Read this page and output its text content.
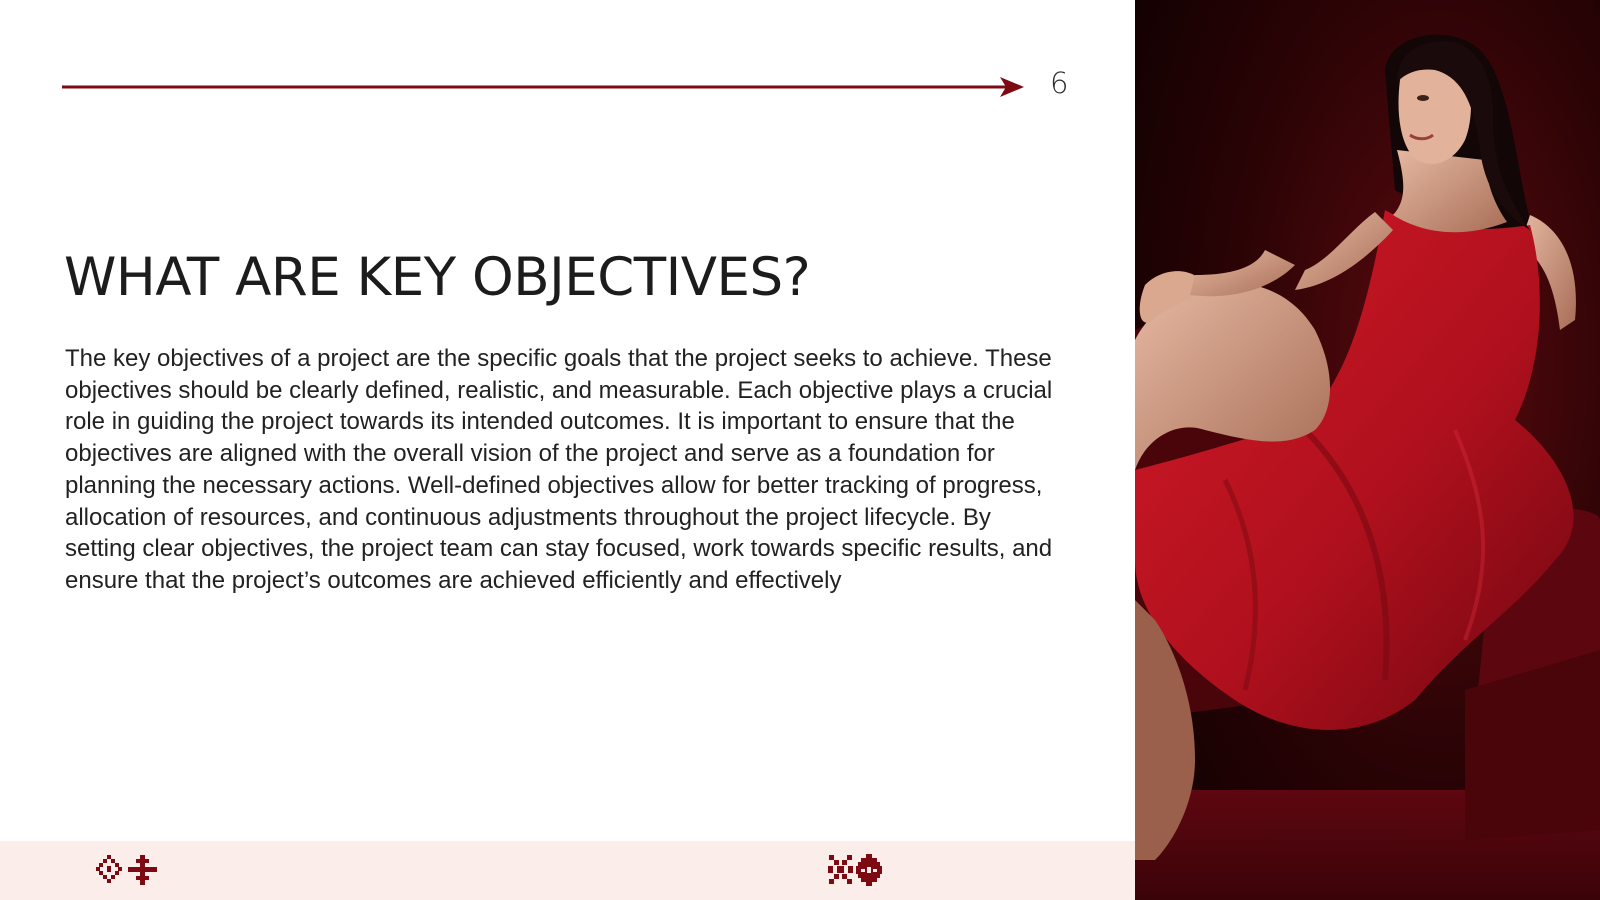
6
WHAT ARE KEY OBJECTIVES?

The key objectives of a project are the specific goals that the project seeks to achieve. These objectives should be clearly defined, realistic, and measurable. Each objective plays a crucial role in guiding the project towards its intended outcomes. It is important to ensure that the objectives are aligned with the overall vision of the project and serve as a foundation for planning the necessary actions. Well-defined objectives allow for better tracking of progress, allocation of resources, and continuous adjustments throughout the project lifecycle. By setting clear objectives, the project team can stay focused, work towards specific results, and ensure that the project’s outcomes are achieved efficiently and effectively
